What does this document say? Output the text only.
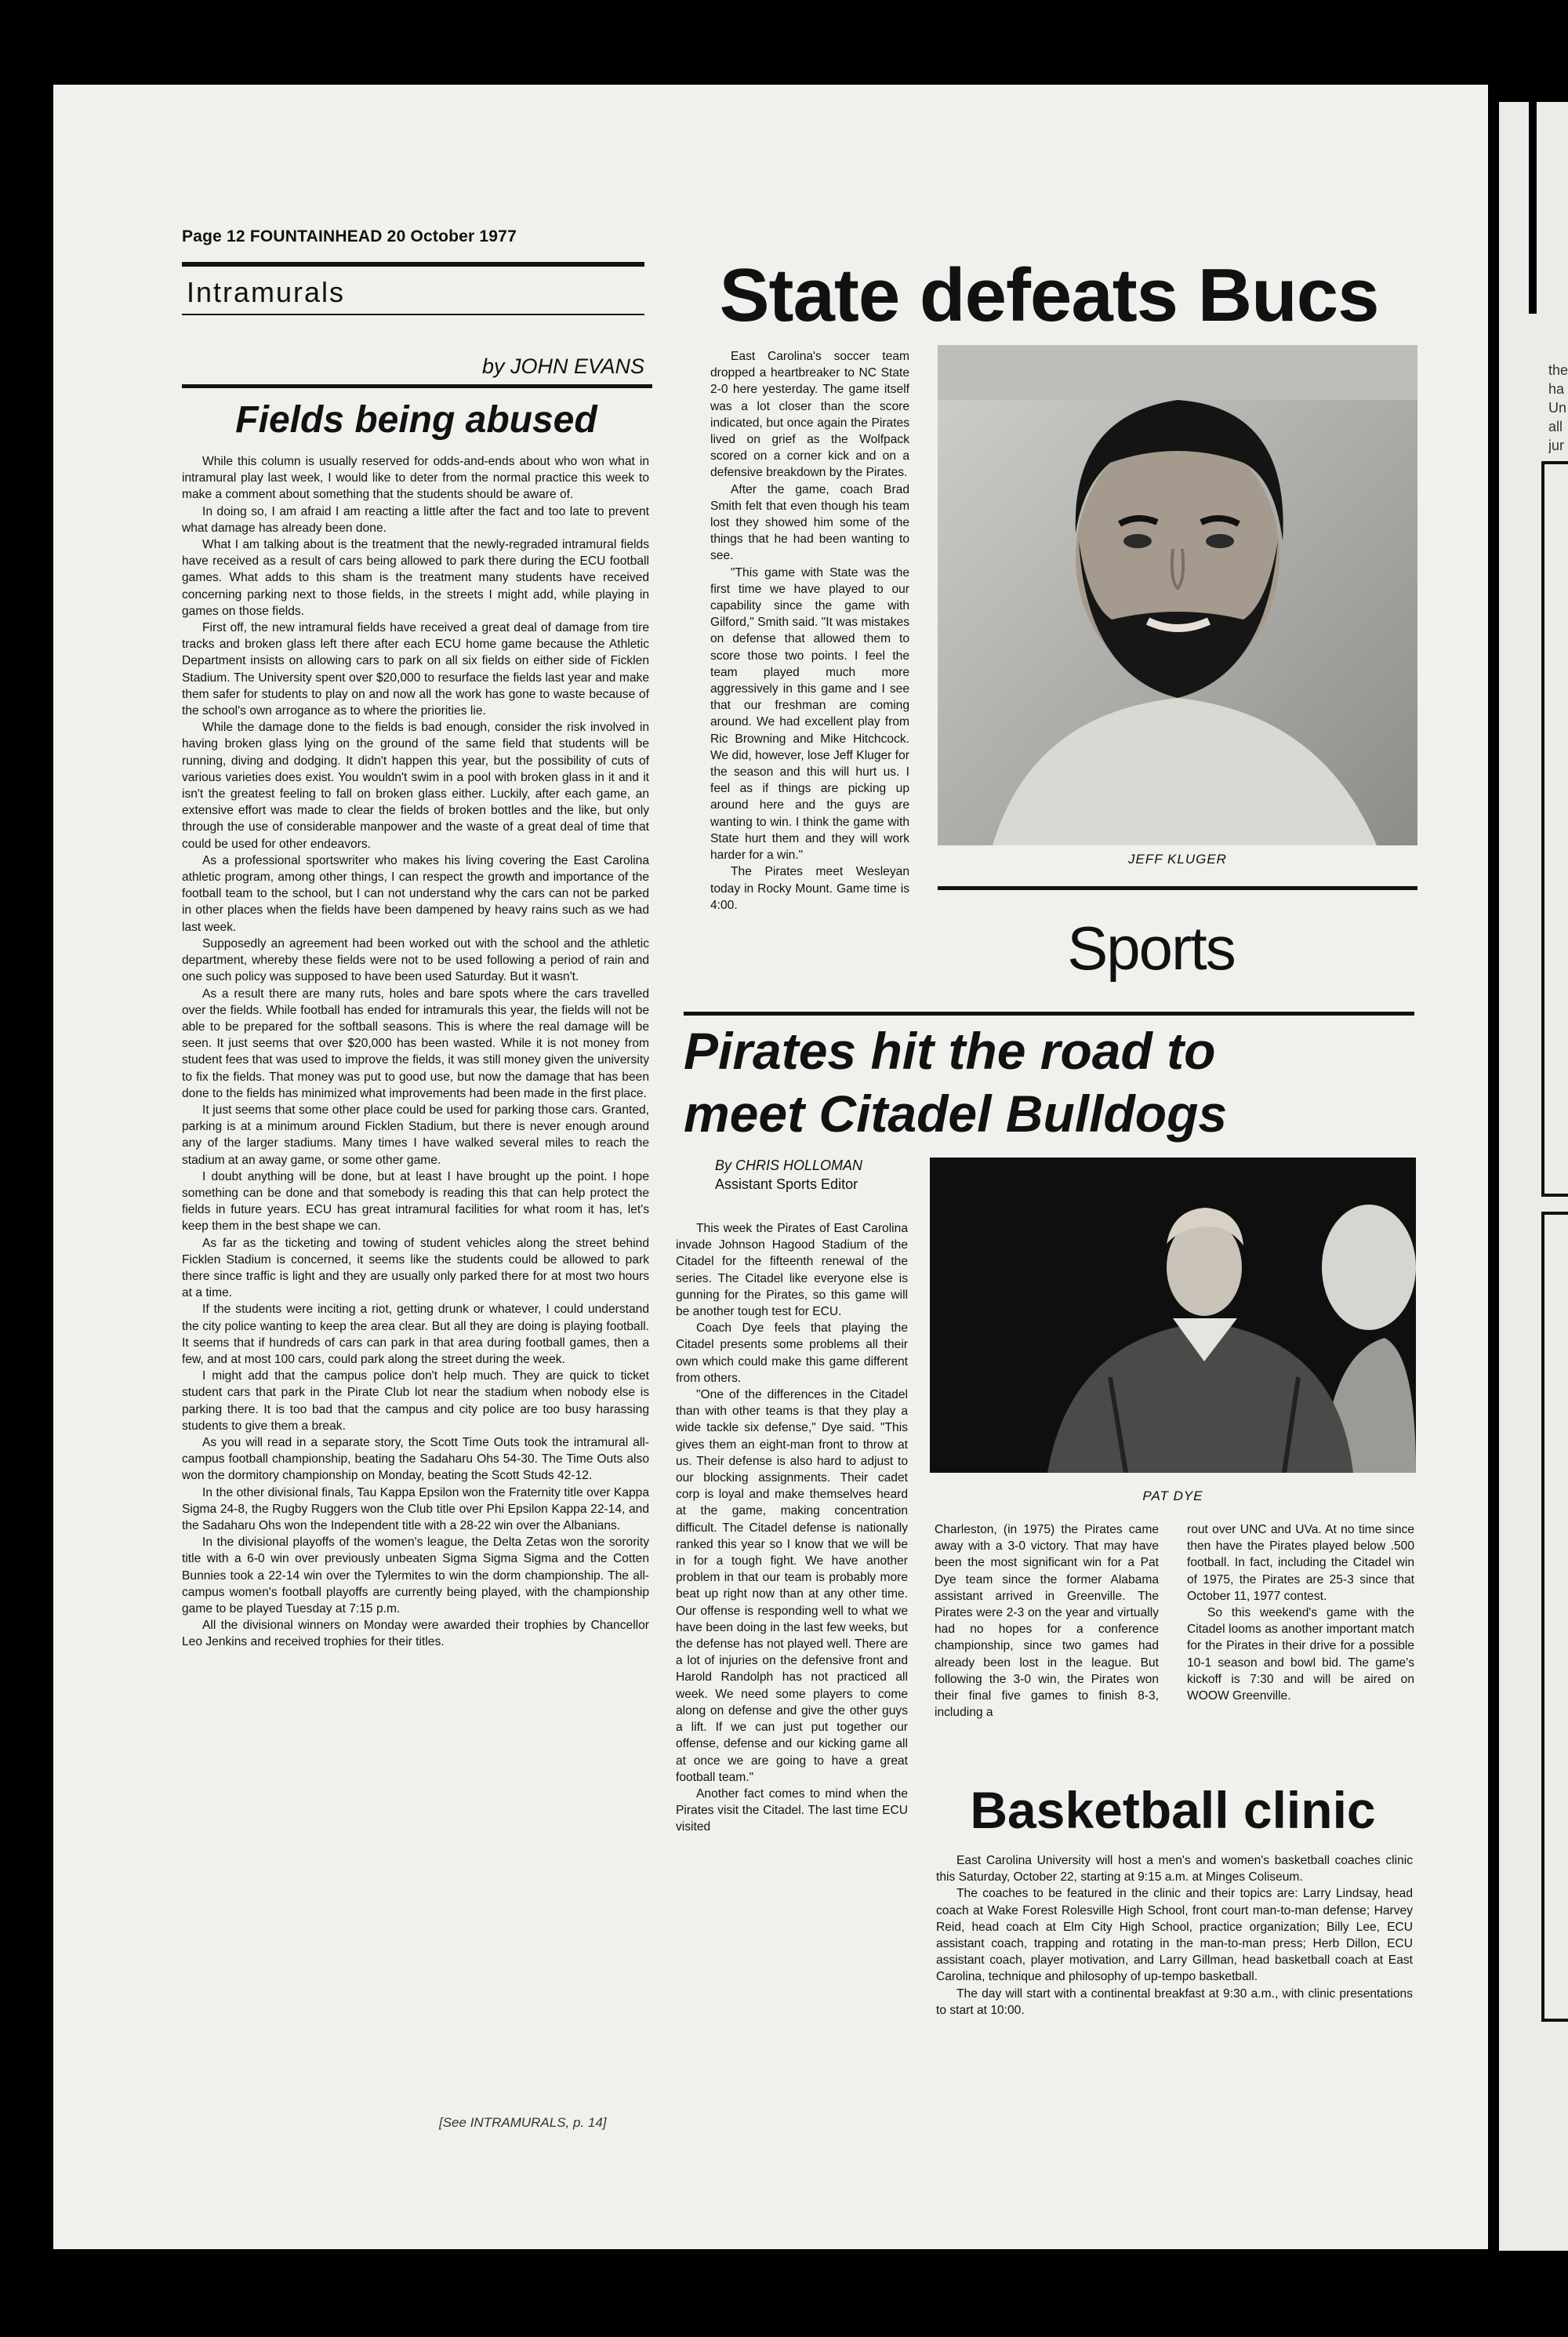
the
ha
Un
all
jur
Page 12 FOUNTAINHEAD 20 October 1977
Intramurals
by JOHN EVANS
Fields being abused

While this column is usually reserved for odds-and-ends about who won what in intramural play last week, I would like to deter from the normal practice this week to make a comment about something that the students should be aware of.

In doing so, I am afraid I am reacting a little after the fact and too late to prevent what damage has already been done.

What I am talking about is the treatment that the newly-regraded intramural fields have received as a result of cars being allowed to park there during the ECU football games. What adds to this sham is the treatment many students have received concerning parking next to those fields, in the streets I might add, while playing in games on those fields.

First off, the new intramural fields have received a great deal of damage from tire tracks and broken glass left there after each ECU home game because the Athletic Department insists on allowing cars to park on all six fields on either side of Ficklen Stadium. The University spent over $20,000 to resurface the fields last year and make them safer for students to play on and now all the work has gone to waste because of the school's own arrogance as to where the priorities lie.

While the damage done to the fields is bad enough, consider the risk involved in having broken glass lying on the ground of the same field that students will be running, diving and dodging. It didn't happen this year, but the possibility of cuts of various varieties does exist. You wouldn't swim in a pool with broken glass in it and it isn't the greatest feeling to fall on broken glass either. Luckily, after each game, an extensive effort was made to clear the fields of broken bottles and the like, but only through the use of considerable manpower and the waste of a great deal of time that could be used for other endeavors.

As a professional sportswriter who makes his living covering the East Carolina athletic program, among other things, I can respect the growth and importance of the football team to the school, but I can not understand why the cars can not be parked in other places when the fields have been dampened by heavy rains such as we had last week.

Supposedly an agreement had been worked out with the school and the athletic department, whereby these fields were not to be used following a period of rain and one such policy was supposed to have been used Saturday. But it wasn't.

As a result there are many ruts, holes and bare spots where the cars travelled over the fields. While football has ended for intramurals this year, the fields will not be able to be prepared for the softball seasons. This is where the real damage will be seen. It just seems that over $20,000 has been wasted. While it is not money from student fees that was used to improve the fields, it was still money given the university to fix the fields. That money was put to good use, but now the damage that has been done to the fields has minimized what improvements had been made in the first place.

It just seems that some other place could be used for parking those cars. Granted, parking is at a minimum around Ficklen Stadium, but there is never enough around any of the larger stadiums. Many times I have walked several miles to reach the stadium at an away game, or some other game.

I doubt anything will be done, but at least I have brought up the point. I hope something can be done and that somebody is reading this that can help protect the fields in future years. ECU has great intramural facilities for what room it has, let's keep them in the best shape we can.

As far as the ticketing and towing of student vehicles along the street behind Ficklen Stadium is concerned, it seems like the students could be allowed to park there since traffic is light and they are usually only parked there for at most two hours at a time.

If the students were inciting a riot, getting drunk or whatever, I could understand the city police wanting to keep the area clear. But all they are doing is playing football. It seems that if hundreds of cars can park in that area during football games, then a few, and at most 100 cars, could park along the street during the week.

I might add that the campus police don't help much. They are quick to ticket student cars that park in the Pirate Club lot near the stadium when nobody else is parking there. It is too bad that the campus and city police are too busy harassing students to give them a break.

As you will read in a separate story, the Scott Time Outs took the intramural all-campus football championship, beating the Sadaharu Ohs 54-30. The Time Outs also won the dormitory championship on Monday, beating the Scott Studs 42-12.

In the other divisional finals, Tau Kappa Epsilon won the Fraternity title over Kappa Sigma 24-8, the Rugby Ruggers won the Club title over Phi Epsilon Kappa 22-14, and the Sadaharu Ohs won the Independent title with a 28-22 win over the Albanians.

In the divisional playoffs of the women's league, the Delta Zetas won the sorority title with a 6-0 win over previously unbeaten Sigma Sigma Sigma and the Cotten Bunnies took a 22-14 win over the Tylermites to win the dorm championship. The all-campus women's football playoffs are currently being played, with the championship game to be played Tuesday at 7:15 p.m.

All the divisional winners on Monday were awarded their trophies by Chancellor Leo Jenkins and received trophies for their titles.

[See INTRAMURALS, p. 14]
State defeats Bucs

East Carolina's soccer team dropped a heartbreaker to NC State 2-0 here yesterday. The game itself was a lot closer than the score indicated, but once again the Pirates lived on grief as the Wolfpack scored on a corner kick and on a defensive breakdown by the Pirates.

After the game, coach Brad Smith felt that even though his team lost they showed him some of the things that he had been wanting to see.

"This game with State was the first time we have played to our capability since the game with Gilford," Smith said. "It was mistakes on defense that allowed them to score those two points. I feel the team played much more aggressively in this game and I see that our freshman are coming around. We had excellent play from Ric Browning and Mike Hitchcock. We did, however, lose Jeff Kluger for the season and this will hurt us. I feel as if things are picking up around here and the guys are wanting to win. I think the game with State hurt them and they will work harder for a win."

The Pirates meet Wesleyan today in Rocky Mount. Game time is 4:00.

JEFF KLUGER
Sports
Pirates hit the road to
meet Citadel Bulldogs
By CHRIS HOLLOMAN
Assistant Sports Editor
PAT DYE

This week the Pirates of East Carolina invade Johnson Hagood Stadium of the Citadel for the fifteenth renewal of the series. The Citadel like everyone else is gunning for the Pirates, so this game will be another tough test for ECU.

Coach Dye feels that playing the Citadel presents some problems all their own which could make this game different from others.

"One of the differences in the Citadel than with other teams is that they play a wide tackle six defense," Dye said. "This gives them an eight-man front to throw at us. Their defense is also hard to adjust to our blocking assignments. Their cadet corp is loyal and make themselves heard at the game, making concentration difficult. The Citadel defense is nationally ranked this year so I know that we will be in for a tough fight. We have another problem in that our team is probably more beat up right now than at any other time. Our offense is responding well to what we have been doing in the last few weeks, but the defense has not played well. There are a lot of injuries on the defensive front and Harold Randolph has not practiced all week. We need some players to come along on defense and give the other guys a lift. If we can just put together our offense, defense and our kicking game all at once we are going to have a great football team."

Another fact comes to mind when the Pirates visit the Citadel. The last time ECU visited

Charleston, (in 1975) the Pirates came away with a 3-0 victory. That may have been the most significant win for a Pat Dye team since the former Alabama assistant arrived in Greenville. The Pirates were 2-3 on the year and virtually had no hopes for a conference championship, since two games had already been lost in the league. But following the 3-0 win, the Pirates won their final five games to finish 8-3, including a

rout over UNC and UVa. At no time since then have the Pirates played below .500 football. In fact, including the Citadel win of 1975, the Pirates are 25-3 since that October 11, 1977 contest.

So this weekend's game with the Citadel looms as another important match for the Pirates in their drive for a possible 10-1 season and bowl bid. The game's kickoff is 7:30 and will be aired on WOOW Greenville.

Basketball clinic

East Carolina University will host a men's and women's basketball coaches clinic this Saturday, October 22, starting at 9:15 a.m. at Minges Coliseum.

The coaches to be featured in the clinic and their topics are: Larry Lindsay, head coach at Wake Forest Rolesville High School, front court man-to-man defense; Harvey Reid, head coach at Elm City High School, practice organization; Billy Lee, ECU assistant coach, trapping and rotating in the man-to-man press; Herb Dillon, ECU assistant coach, player motivation, and Larry Gillman, head basketball coach at East Carolina, technique and philosophy of up-tempo basketball.

The day will start with a continental breakfast at 9:30 a.m., with clinic presentations to start at 10:00.
